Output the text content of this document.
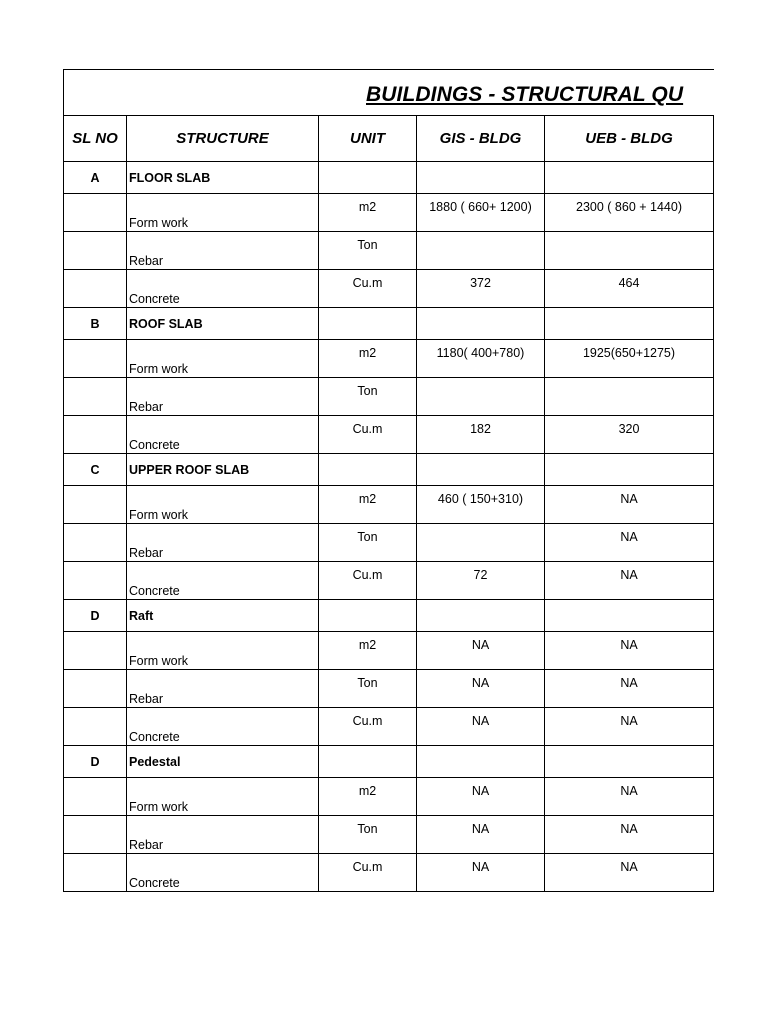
BUILDINGS - STRUCTURAL QU				

SL NO	STRUCTURE	UNIT	GIS - BLDG	UEB - BLDG
A	FLOOR SLAB			
	Form work	m2	1880 ( 660+ 1200)	2300 ( 860 + 1440)
	Rebar	Ton		
	Concrete	Cu.m	372	464
B	ROOF SLAB			
	Form work	m2	1180( 400+780)	1925(650+1275)
	Rebar	Ton		
	Concrete	Cu.m	182	320
C	UPPER ROOF SLAB			
	Form work	m2	460 ( 150+310)	NA
	Rebar	Ton		NA
	Concrete	Cu.m	72	NA
D	Raft			
	Form work	m2	NA	NA
	Rebar	Ton	NA	NA
	Concrete	Cu.m	NA	NA
D	Pedestal			
	Form work	m2	NA	NA
	Rebar	Ton	NA	NA
	Concrete	Cu.m	NA	NA
